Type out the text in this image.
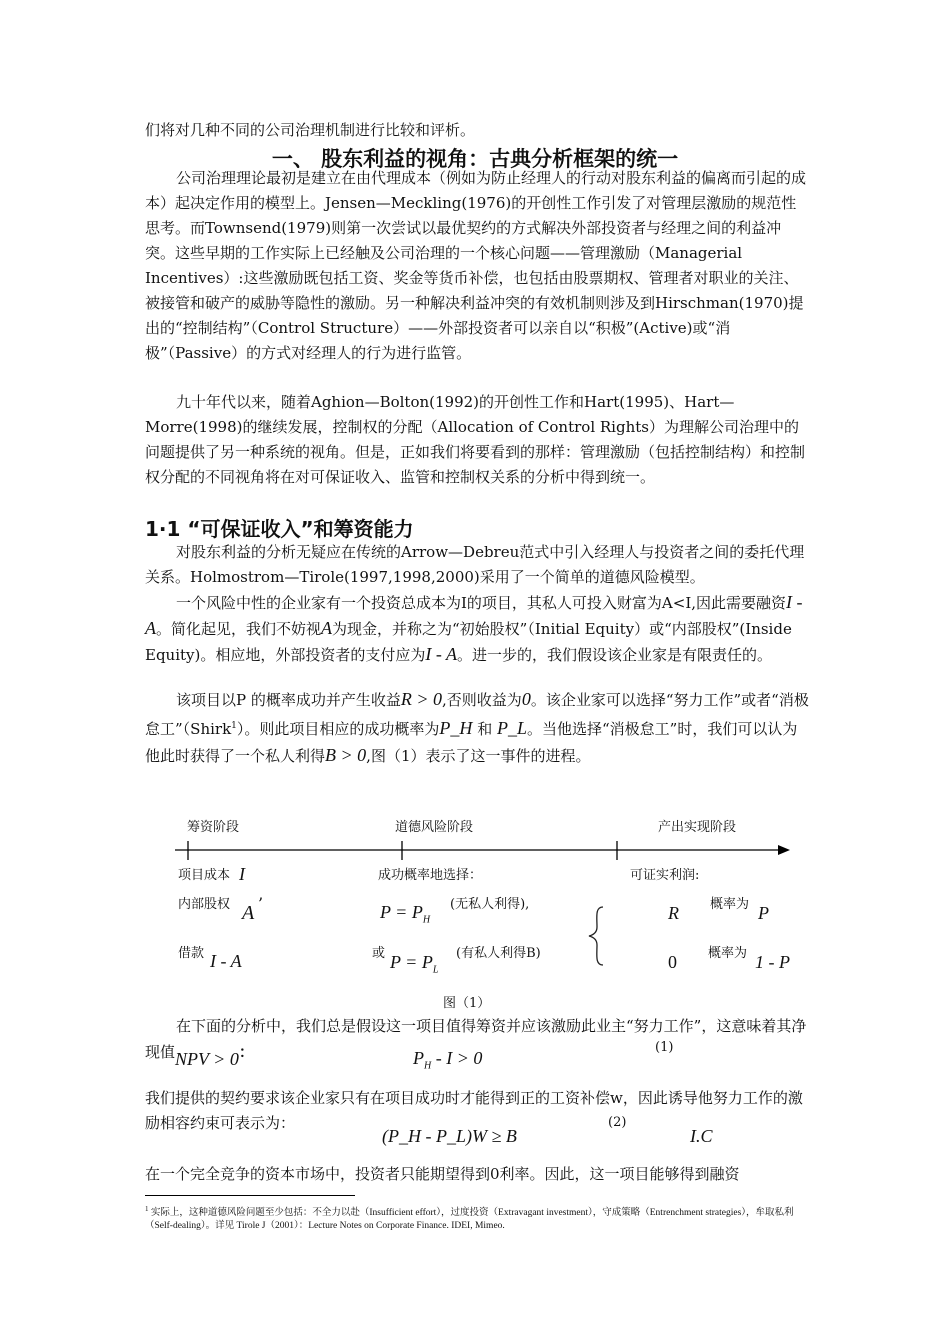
们将对几种不同的公司治理机制进行比较和评析。

一、 股东利益的视角：古典分析框架的统一

公司治理理论最初是建立在由代理成本（例如为防止经理人的行动对股东利益的偏离而引起的成本）起决定作用的模型上。Jensen—Meckling(1976)的开创性工作引发了对管理层激励的规范性思考。而Townsend(1979)则第一次尝试以最优契约的方式解决外部投资者与经理之间的利益冲突。这些早期的工作实际上已经触及公司治理的一个核心问题——管理激励（Managerial Incentives）:这些激励既包括工资、奖金等货币补偿，也包括由股票期权、管理者对职业的关注、被接管和破产的威胁等隐性的激励。另一种解决利益冲突的有效机制则涉及到Hirschman(1970)提出的“控制结构”（Control Structure）——外部投资者可以亲自以“积极”(Active)或“消极”（Passive）的方式对经理人的行为进行监管。

九十年代以来，随着Aghion—Bolton(1992)的开创性工作和Hart(1995)、Hart—Morre(1998)的继续发展，控制权的分配（Allocation of Control Rights）为理解公司治理中的问题提供了另一种系统的视角。但是，正如我们将要看到的那样：管理激励（包括控制结构）和控制权分配的不同视角将在对可保证收入、监管和控制权关系的分析中得到统一。

1·1 “可保证收入”和筹资能力

对股东利益的分析无疑应在传统的Arrow—Debreu范式中引入经理人与投资者之间的委托代理关系。Holmostrom—Tirole(1997,1998,2000)采用了一个简单的道德风险模型。

一个风险中性的企业家有一个投资总成本为I的项目，其私人可投入财富为A<I,因此需要融资I - A。简化起见，我们不妨视A为现金，并称之为“初始股权”（Initial Equity）或“内部股权”(Inside Equity)。相应地，外部投资者的支付应为I - A。进一步的，我们假设该企业家是有限责任的。

该项目以P 的概率成功并产生收益R > 0,否则收益为0。该企业家可以选择“努力工作”或者“消极怠工”（Shirk$^1$）。则此项目相应的成功概率为P_H 和 P_L。当他选择“消极怠工”时，我们可以认为他此时获得了一个私人利得B > 0,图（1）表示了这一事件的进程。

筹资阶段	道德风险阶段	产出实现阶段
项目成本 I
内部股权 A ’
借款 I - A
成功概率地选择：
$P = P_H$
(无私人利得),
或 $P = P_L$
(有私人利得B)
可证实利润:
R 概率为 P
0 概率为 1 - P
图（1）

在下面的分析中，我们总是假设这一项目值得筹资并应该激励此业主“努力工作”，这意味着其净现值NPV > 0：	$P_H - I > 0$
(1)

我们提供的契约要求该企业家只有在项目成功时才能得到正的工资补偿w，因此诱导他努力工作的激励相容约束可表示为：

(P_H - P_L)W ≥ B
(2)
I.C

在一个完全竞争的资本市场中，投资者只能期望得到0利率。因此，这一项目能够得到融资

$^1$ 实际上，这种道德风险问题至少包括：不全力以赴（Insufficient effort），过度投资（Extravagant investment），守成策略（Entrenchment strategies），牟取私利（Self-dealing）。详见 Tirole J（2001）：Lecture Notes on Corporate Finance. IDEI, Mimeo.
